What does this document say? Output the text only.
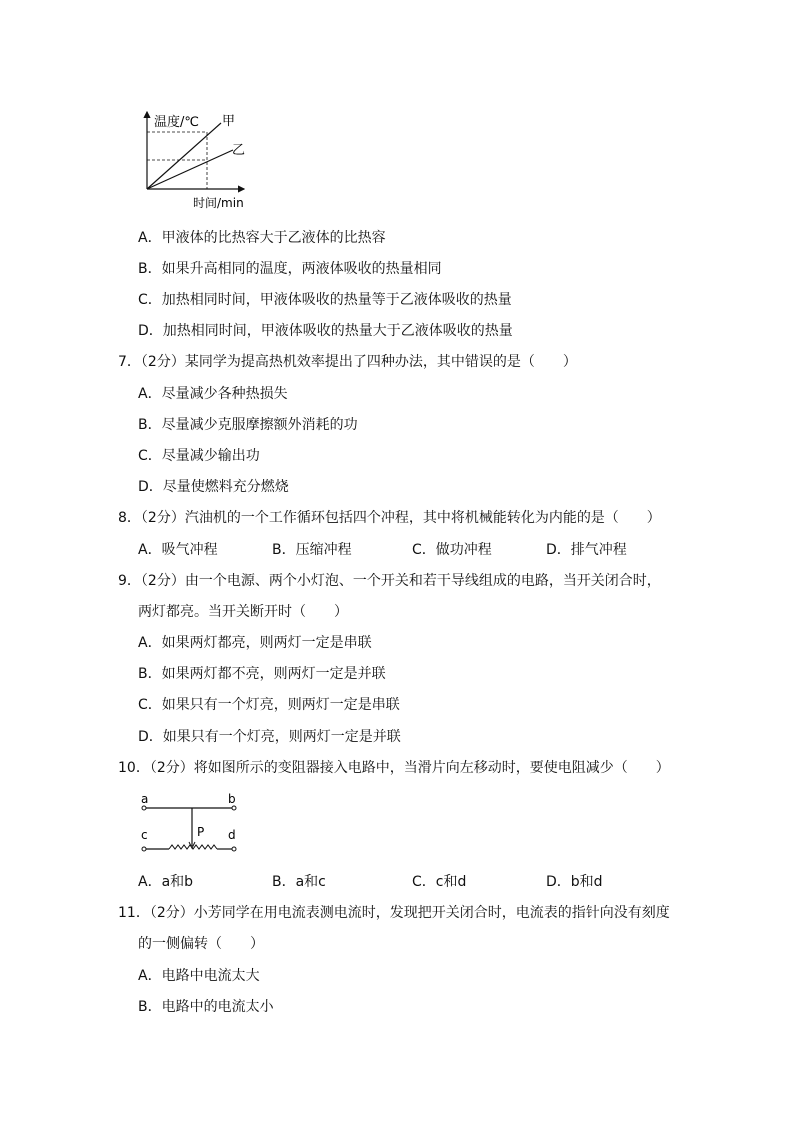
温度/℃
时间/min
甲
乙
A．甲液体的比热容大于乙液体的比热容
B．如果升高相同的温度，两液体吸收的热量相同
C．加热相同时间，甲液体吸收的热量等于乙液体吸收的热量
D．加热相同时间，甲液体吸收的热量大于乙液体吸收的热量
7．（2分）某同学为提高热机效率提出了四种办法，其中错误的是（　　）
A．尽量减少各种热损失
B．尽量减少克服摩擦额外消耗的功
C．尽量减少输出功
D．尽量使燃料充分燃烧
8．（2分）汽油机的一个工作循环包括四个冲程，其中将机械能转化为内能的是（　　）
A．吸气冲程	B．压缩冲程	C．做功冲程	D．排气冲程
9．（2分）由一个电源、两个小灯泡、一个开关和若干导线组成的电路，当开关闭合时，
两灯都亮。当开关断开时（　　）
A．如果两灯都亮，则两灯一定是串联
B．如果两灯都不亮，则两灯一定是并联
C．如果只有一个灯亮，则两灯一定是串联
D．如果只有一个灯亮，则两灯一定是并联
10．（2分）将如图所示的变阻器接入电路中，当滑片向左移动时，要使电阻减少（　　）
a	b
c	P d
A．a和b	B．a和c	C．c和d	D．b和d
11．（2分）小芳同学在用电流表测电流时，发现把开关闭合时，电流表的指针向没有刻度
的一侧偏转（　　）
A．电路中电流太大
B．电路中的电流太小
